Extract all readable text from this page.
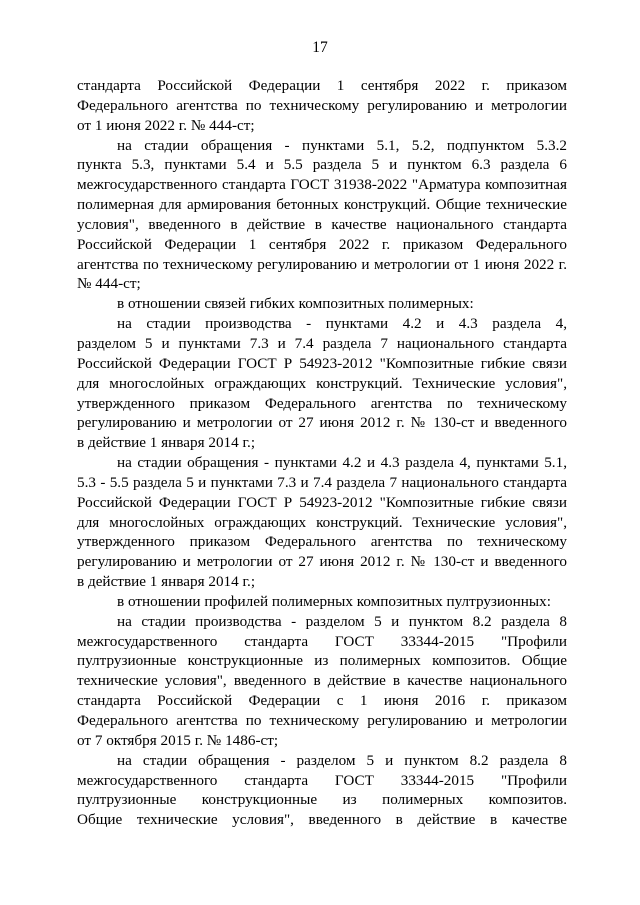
17
стандарта Российской Федерации 1 сентября 2022 г. приказом
Федерального агентства по техническому регулированию и метрологии
от 1 июня 2022 г. № 444-ст;
на стадии обращения - пунктами 5.1, 5.2, подпунктом 5.3.2
пункта 5.3, пунктами 5.4 и 5.5 раздела 5 и пунктом 6.3 раздела 6
межгосударственного стандарта ГОСТ 31938-2022 "Арматура композитная
полимерная для армирования бетонных конструкций. Общие технические
условия", введенного в действие в качестве национального стандарта
Российской Федерации 1 сентября 2022 г. приказом Федерального
агентства по техническому регулированию и метрологии от 1 июня 2022 г.
№ 444-ст;
в отношении связей гибких композитных полимерных:
на стадии производства - пунктами 4.2 и 4.3 раздела 4,
разделом 5 и пунктами 7.3 и 7.4 раздела 7 национального стандарта
Российской Федерации ГОСТ Р 54923-2012 "Композитные гибкие связи
для многослойных ограждающих конструкций. Технические условия",
утвержденного приказом Федерального агентства по техническому
регулированию и метрологии от 27 июня 2012 г. № 130-ст и введенного
в действие 1 января 2014 г.;
на стадии обращения - пунктами 4.2 и 4.3 раздела 4, пунктами 5.1,
5.3 - 5.5 раздела 5 и пунктами 7.3 и 7.4 раздела 7 национального стандарта
Российской Федерации ГОСТ Р 54923-2012 "Композитные гибкие связи
для многослойных ограждающих конструкций. Технические условия",
утвержденного приказом Федерального агентства по техническому
регулированию и метрологии от 27 июня 2012 г. № 130-ст и введенного
в действие 1 января 2014 г.;
в отношении профилей полимерных композитных пултрузионных:
на стадии производства - разделом 5 и пунктом 8.2 раздела 8
межгосударственного стандарта ГОСТ 33344-2015 "Профили
пултрузионные конструкционные из полимерных композитов. Общие
технические условия", введенного в действие в качестве национального
стандарта Российской Федерации с 1 июня 2016 г. приказом
Федерального агентства по техническому регулированию и метрологии
от 7 октября 2015 г. № 1486-ст;
на стадии обращения - разделом 5 и пунктом 8.2 раздела 8
межгосударственного стандарта ГОСТ 33344-2015 "Профили
пултрузионные конструкционные из полимерных композитов.
Общие технические условия", введенного в действие в качестве
